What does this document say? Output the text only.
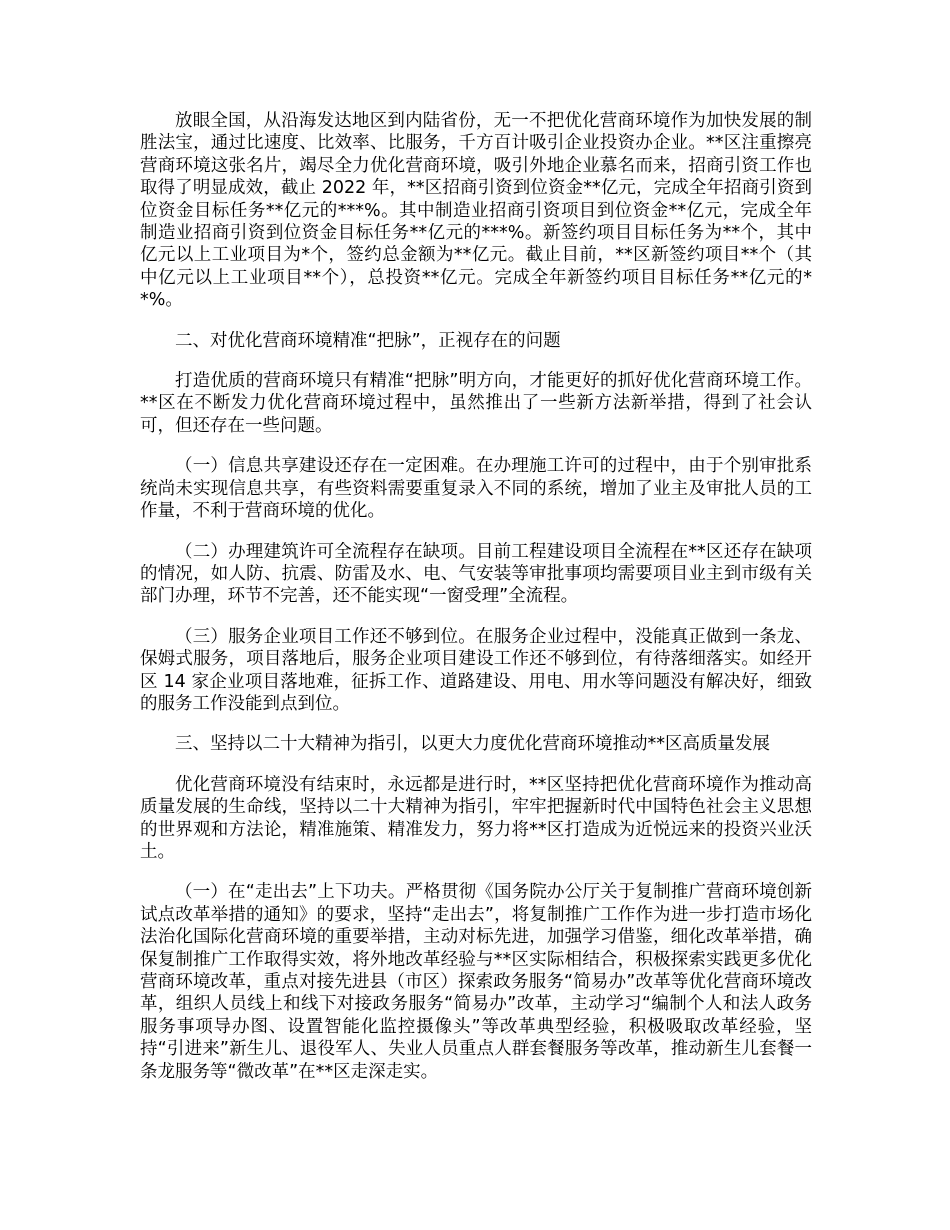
放眼全国，从沿海发达地区到内陆省份，无一不把优化营商环境作为加快发展的制胜法宝，通过比速度、比效率、比服务，千方百计吸引企业投资办企业。**区注重擦亮营商环境这张名片，竭尽全力优化营商环境，吸引外地企业慕名而来，招商引资工作也取得了明显成效，截止 2022 年，**区招商引资到位资金**亿元，完成全年招商引资到位资金目标任务**亿元的***%。其中制造业招商引资项目到位资金**亿元，完成全年制造业招商引资到位资金目标任务**亿元的***%。新签约项目目标任务为**个，其中亿元以上工业项目为*个，签约总金额为**亿元。截止目前，**区新签约项目**个（其中亿元以上工业项目**个），总投资**亿元。完成全年新签约项目目标任务**亿元的**%。

二、对优化营商环境精准“把脉”，正视存在的问题

打造优质的营商环境只有精准“把脉”明方向，才能更好的抓好优化营商环境工作。**区在不断发力优化营商环境过程中，虽然推出了一些新方法新举措，得到了社会认可，但还存在一些问题。

（一）信息共享建设还存在一定困难。在办理施工许可的过程中，由于个别审批系统尚未实现信息共享，有些资料需要重复录入不同的系统，增加了业主及审批人员的工作量，不利于营商环境的优化。

（二）办理建筑许可全流程存在缺项。目前工程建设项目全流程在**区还存在缺项的情况，如人防、抗震、防雷及水、电、气安装等审批事项均需要项目业主到市级有关部门办理，环节不完善，还不能实现“一窗受理”全流程。

（三）服务企业项目工作还不够到位。在服务企业过程中，没能真正做到一条龙、保姆式服务，项目落地后，服务企业项目建设工作还不够到位，有待落细落实。如经开区 14 家企业项目落地难，征拆工作、道路建设、用电、用水等问题没有解决好，细致的服务工作没能到点到位。

三、坚持以二十大精神为指引，以更大力度优化营商环境推动**区高质量发展

优化营商环境没有结束时，永远都是进行时，**区坚持把优化营商环境作为推动高质量发展的生命线，坚持以二十大精神为指引，牢牢把握新时代中国特色社会主义思想的世界观和方法论，精准施策、精准发力，努力将**区打造成为近悦远来的投资兴业沃土。

（一）在“走出去”上下功夫。严格贯彻《国务院办公厅关于复制推广营商环境创新试点改革举措的通知》的要求，坚持“走出去”，将复制推广工作作为进一步打造市场化法治化国际化营商环境的重要举措，主动对标先进，加强学习借鉴，细化改革举措，确保复制推广工作取得实效，将外地改革经验与**区实际相结合，积极探索实践更多优化营商环境改革，重点对接先进县（市区）探索政务服务“简易办”改革等优化营商环境改革，组织人员线上和线下对接政务服务“简易办”改革，主动学习“编制个人和法人政务服务事项导办图、设置智能化监控摄像头”等改革典型经验，积极吸取改革经验，坚持“引进来”新生儿、退役军人、失业人员重点人群套餐服务等改革，推动新生儿套餐一条龙服务等“微改革”在**区走深走实。
